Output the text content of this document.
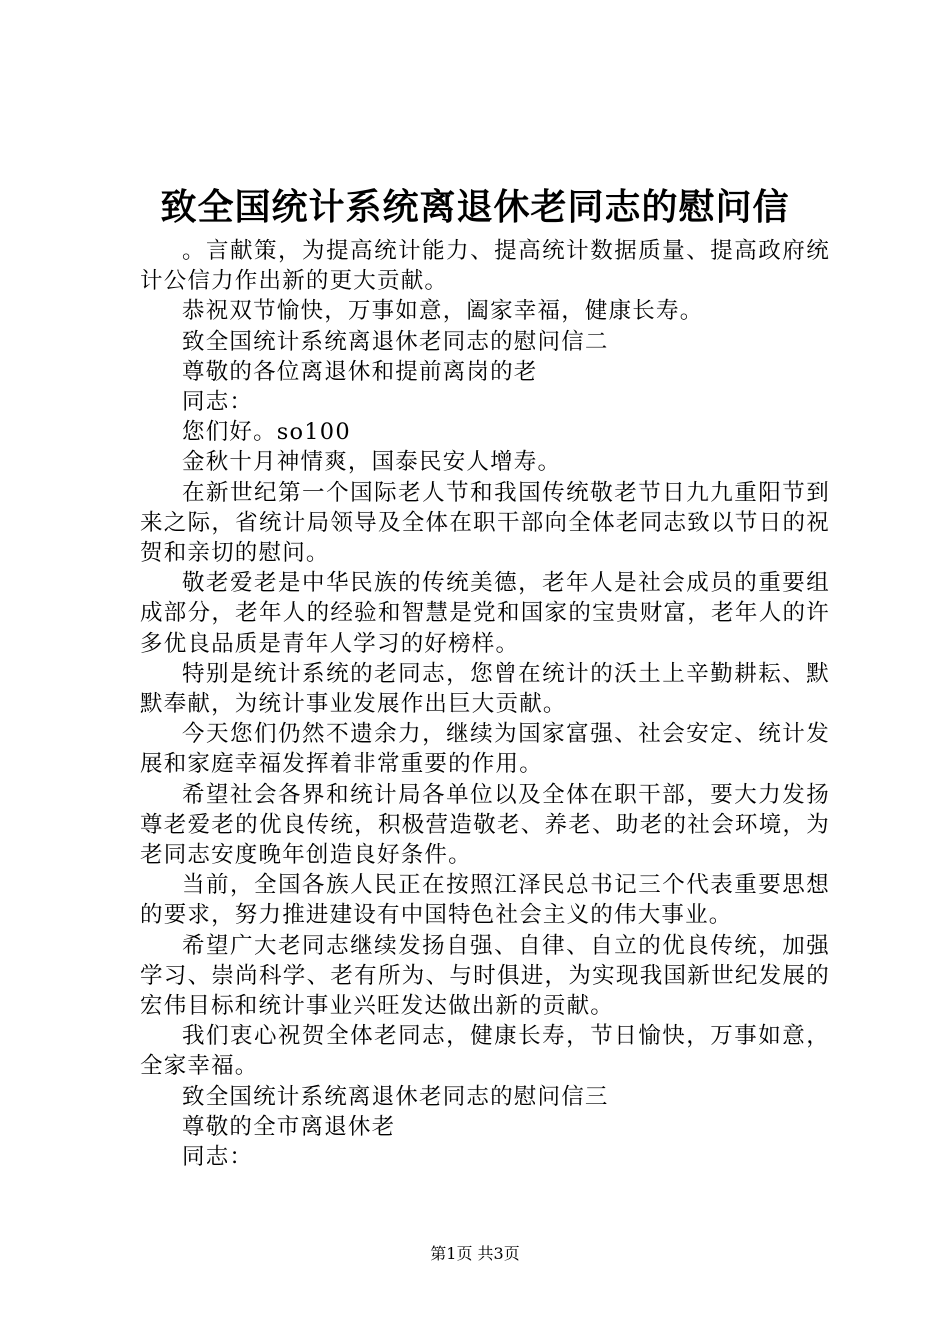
致全国统计系统离退休老同志的慰问信

。言献策，为提高统计能力、提高统计数据质量、提高政府统计公信力作出新的更大贡献。

恭祝双节愉快，万事如意，阖家幸福，健康长寿。

致全国统计系统离退休老同志的慰问信二

尊敬的各位离退休和提前离岗的老

同志：

您们好。so100

金秋十月神情爽，国泰民安人增寿。

在新世纪第一个国际老人节和我国传统敬老节日九九重阳节到来之际，省统计局领导及全体在职干部向全体老同志致以节日的祝贺和亲切的慰问。

敬老爱老是中华民族的传统美德，老年人是社会成员的重要组成部分，老年人的经验和智慧是党和国家的宝贵财富，老年人的许多优良品质是青年人学习的好榜样。

特别是统计系统的老同志，您曾在统计的沃土上辛勤耕耘、默默奉献，为统计事业发展作出巨大贡献。

今天您们仍然不遗余力，继续为国家富强、社会安定、统计发展和家庭幸福发挥着非常重要的作用。

希望社会各界和统计局各单位以及全体在职干部，要大力发扬尊老爱老的优良传统，积极营造敬老、养老、助老的社会环境，为老同志安度晚年创造良好条件。

当前，全国各族人民正在按照江泽民总书记三个代表重要思想的要求，努力推进建设有中国特色社会主义的伟大事业。

希望广大老同志继续发扬自强、自律、自立的优良传统，加强学习、崇尚科学、老有所为、与时俱进，为实现我国新世纪发展的宏伟目标和统计事业兴旺发达做出新的贡献。

我们衷心祝贺全体老同志，健康长寿，节日愉快，万事如意，全家幸福。

致全国统计系统离退休老同志的慰问信三

尊敬的全市离退休老

同志：

第1页 共3页
